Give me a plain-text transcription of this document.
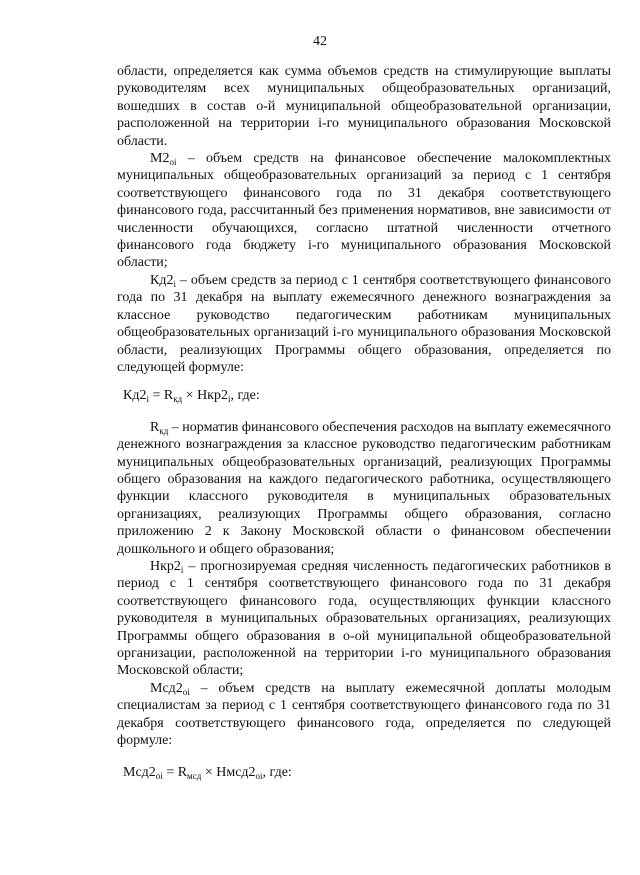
42

области, определяется как сумма объемов средств на стимулирующие выплаты руководителям всех муниципальных общеобразовательных организаций, вошедших в состав о-й муниципальной общеобразовательной организации, расположенной на территории i-го муниципального образования Московской области.

$М2_{оi}$ – объем средств на финансовое обеспечение малокомплектных муниципальных общеобразовательных организаций за период с 1 сентября соответствующего финансового года по 31 декабря соответствующего финансового года, рассчитанный без применения нормативов, вне зависимости от численности обучающихся, согласно штатной численности отчетного финансового года бюджету i-го муниципального образования Московской области;

$Кд2_i$ – объем средств за период с 1 сентября соответствующего финансового года по 31 декабря на выплату ежемесячного денежного вознаграждения за классное руководство педагогическим работникам муниципальных общеобразовательных организаций i-го муниципального образования Московской области, реализующих Программы общего образования, определяется по следующей формуле:

$Кд2_i = R_{кд} \times Нкр2_i$, где:

$R_{кд}$ – норматив финансового обеспечения расходов на выплату ежемесячного денежного вознаграждения за классное руководство педагогическим работникам муниципальных общеобразовательных организаций, реализующих Программы общего образования на каждого педагогического работника, осуществляющего функции классного руководителя в муниципальных образовательных организациях, реализующих Программы общего образования, согласно приложению 2 к Закону Московской области о финансовом обеспечении дошкольного и общего образования;

$Нкр2_i$ – прогнозируемая средняя численность педагогических работников в период с 1 сентября соответствующего финансового года по 31 декабря соответствующего финансового года, осуществляющих функции классного руководителя в муниципальных образовательных организациях, реализующих Программы общего образования в о-ой муниципальной общеобразовательной организации, расположенной на территории i-го муниципального образования Московской области;

$Мсд2_{оi}$ – объем средств на выплату ежемесячной доплаты молодым специалистам за период с 1 сентября соответствующего финансового года по 31 декабря соответствующего финансового года, определяется по следующей формуле:

$Мсд2_{оi} = R_{мсд}$ × $Нмсд2_{оi}$, где:
